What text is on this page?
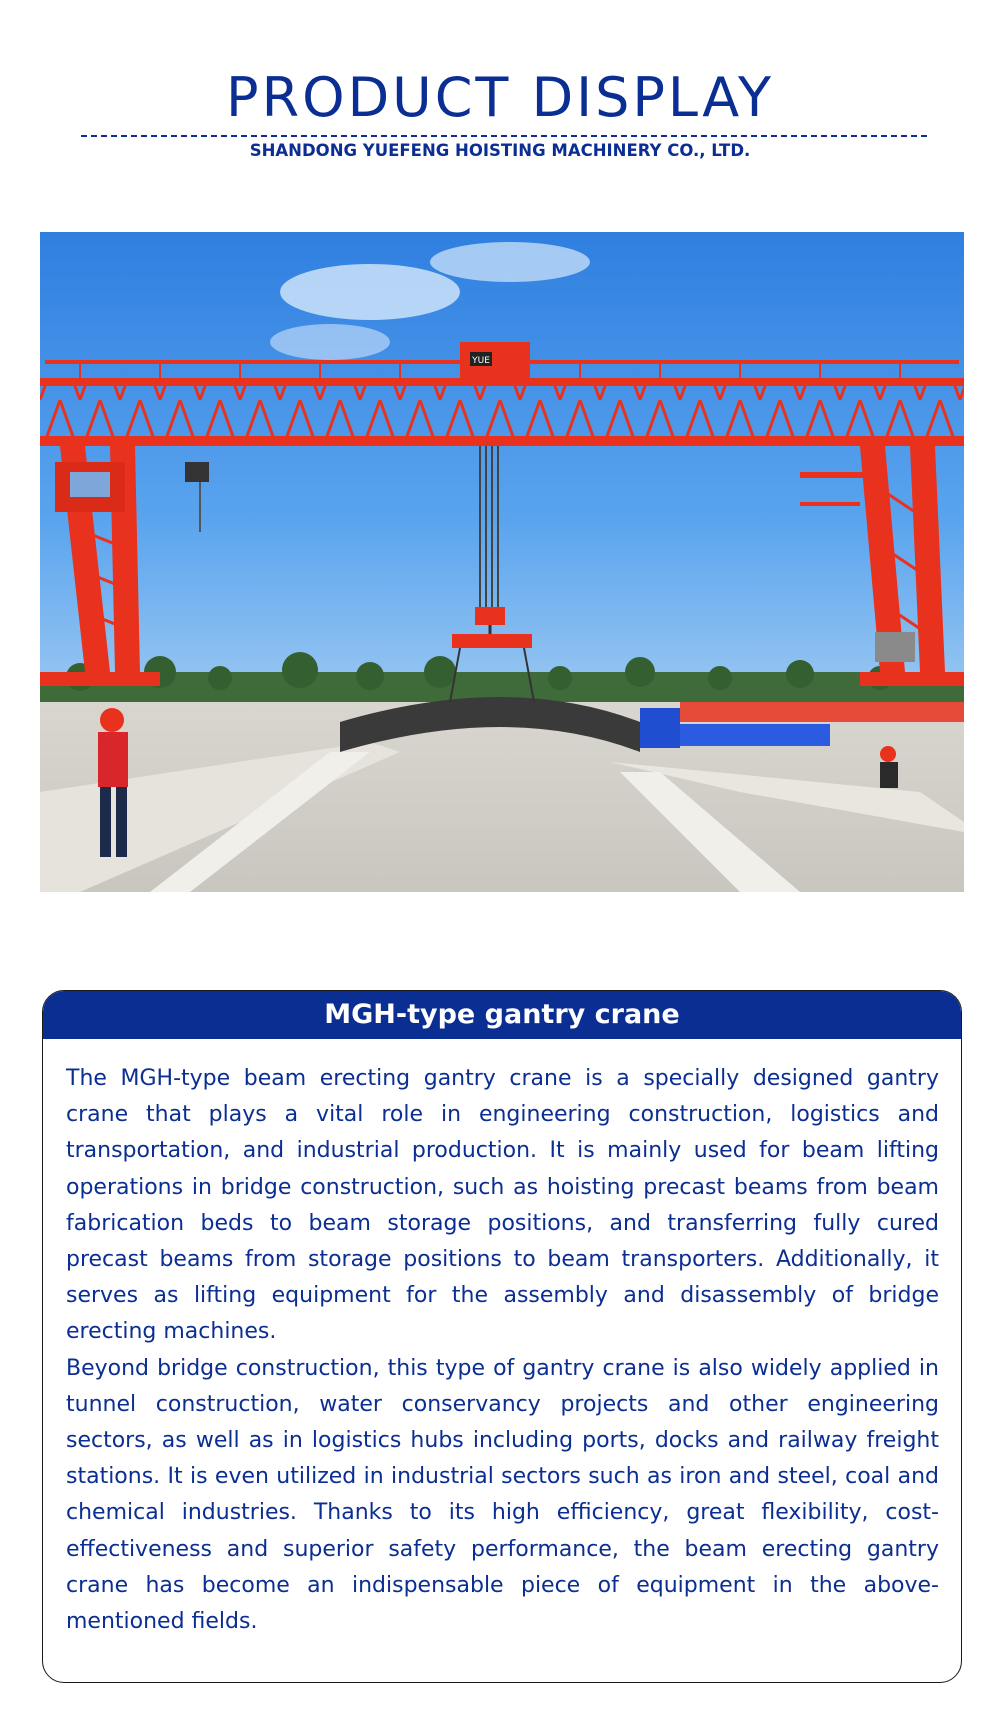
PRODUCT DISPLAY
SHANDONG YUEFENG HOISTING MACHINERY CO., LTD.
YUE
MGH-type gantry crane

The MGH-type beam erecting gantry crane is a specially designed gantry crane that plays a vital role in engineering construction, logistics and transportation, and industrial production. It is mainly used for beam lifting operations in bridge construction, such as hoisting precast beams from beam fabrication beds to beam storage positions, and transferring fully cured precast beams from storage positions to beam transporters. Additionally, it serves as lifting equipment for the assembly and disassembly of bridge erecting machines.

Beyond bridge construction, this type of gantry crane is also widely applied in tunnel construction, water conservancy projects and other engineering sectors, as well as in logistics hubs including ports, docks and railway freight stations. It is even utilized in industrial sectors such as iron and steel, coal and chemical industries. Thanks to its high efficiency, great flexibility, cost-effectiveness and superior safety performance, the beam erecting gantry crane has become an indispensable piece of equipment in the above-mentioned fields.
